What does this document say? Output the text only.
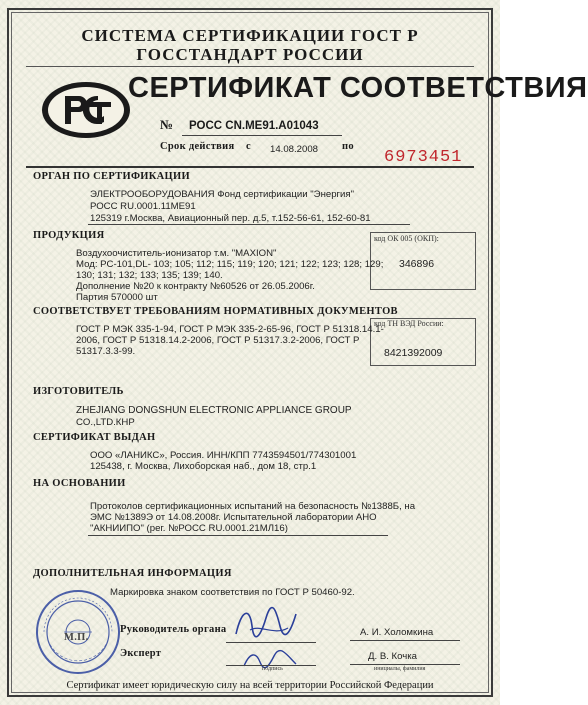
СИСТЕМА СЕРТИФИКАЦИИ ГОСТ Р
ГОССТАНДАРТ РОССИИ
СЕРТИФИКАТ СООТВЕТСТВИЯ
№ РОСС CN.МЕ91.А01043
Срок действия с 14.08.2008 по
6973451
ОРГАН ПО СЕРТИФИКАЦИИ
ЭЛЕКТРООБОРУДОВАНИЯ Фонд сертификации "Энергия"
РОСС RU.0001.11МЕ91
125319 г.Москва, Авиационный пер. д.5, т.152-56-61, 152-60-81
ПРОДУКЦИЯ	код ОК 005 (ОКП):
346896
Воздухоочиститель-ионизатор т.м. "MAXION"
Мод: PC-101,DL- 103; 105; 112; 115; 119; 120; 121; 122; 123; 128; 129;
130; 131; 132; 133; 135; 139; 140.
Дополнение №20 к контракту №60526 от 26.05.2006г.
Партия 570000 шт
СООТВЕТСТВУЕТ ТРЕБОВАНИЯМ НОРМАТИВНЫХ ДОКУМЕНТОВ
код ТН ВЭД России:
8421392009
ГОСТ Р МЭК 335-1-94, ГОСТ Р МЭК 335-2-65-96, ГОСТ Р 51318.14.1-
2006, ГОСТ Р 51318.14.2-2006, ГОСТ Р 51317.3.2-2006, ГОСТ Р
51317.3.3-99.
ИЗГОТОВИТЕЛЬ
ZHEJIANG DONGSHUN ELECTRONIC APPLIANCE GROUP
CO.,LTD.КНР
СЕРТИФИКАТ ВЫДАН
ООО «ЛАНИКС», Россия. ИНН/КПП 7743594501/774301001
125438, г. Москва, Лихоборская наб., дом 18, стр.1
НА ОСНОВАНИИ
Протоколов сертификационных испытаний на безопасность №1388Б, на
ЭМС №1389Э от 14.08.2008г. Испытательной лаборатории АНО
"АКНИИПО" (рег. №РОСС RU.0001.21МЛ16)
ДОПОЛНИТЕЛЬНАЯ ИНФОРМАЦИЯ
Маркировка знаком соответствия по ГОСТ Р 50460-92.
М.П.
Руководитель органа	А. И. Холомкина
Эксперт
подпись
Д. В. Кочка
инициалы, фамилия
Сертификат имеет юридическую силу на всей территории Российской Федерации
